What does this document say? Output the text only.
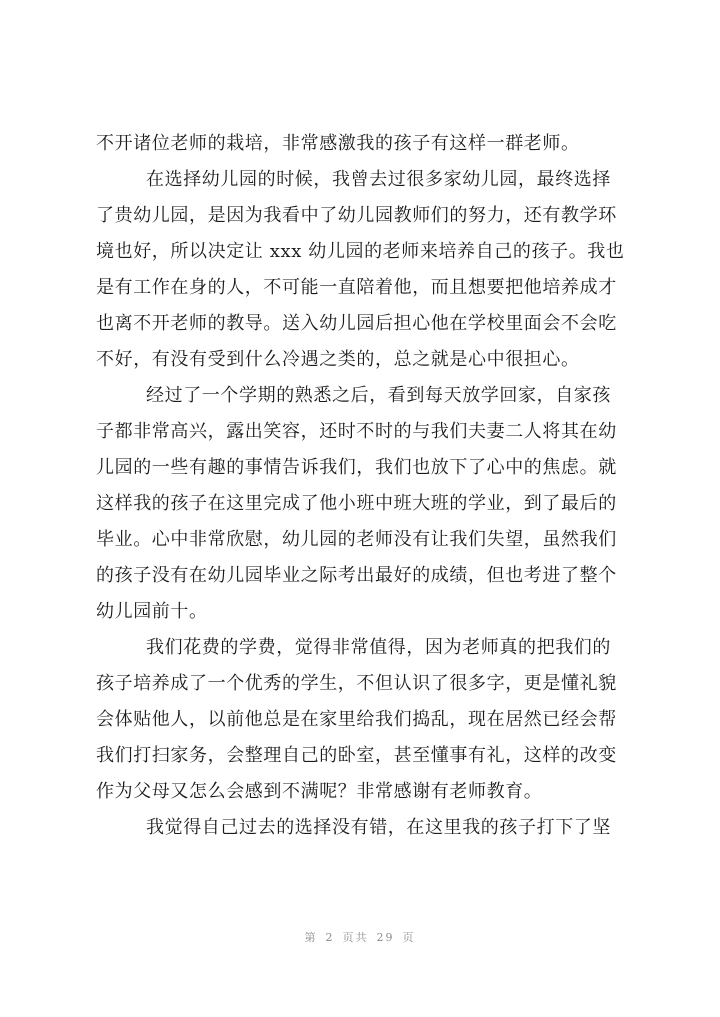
不开诸位老师的栽培，非常感激我的孩子有这样一群老师。
在选择幼儿园的时候，我曾去过很多家幼儿园，最终选择
了贵幼儿园，是因为我看中了幼儿园教师们的努力，还有教学环
境也好，所以决定让 xxx 幼儿园的老师来培养自己的孩子。我也
是有工作在身的人，不可能一直陪着他，而且想要把他培养成才
也离不开老师的教导。送入幼儿园后担心他在学校里面会不会吃
不好，有没有受到什么冷遇之类的，总之就是心中很担心。
经过了一个学期的熟悉之后，看到每天放学回家，自家孩
子都非常高兴，露出笑容，还时不时的与我们夫妻二人将其在幼
儿园的一些有趣的事情告诉我们，我们也放下了心中的焦虑。就
这样我的孩子在这里完成了他小班中班大班的学业，到了最后的
毕业。心中非常欣慰，幼儿园的老师没有让我们失望，虽然我们
的孩子没有在幼儿园毕业之际考出最好的成绩，但也考进了整个
幼儿园前十。
我们花费的学费，觉得非常值得，因为老师真的把我们的
孩子培养成了一个优秀的学生，不但认识了很多字，更是懂礼貌
会体贴他人，以前他总是在家里给我们捣乱，现在居然已经会帮
我们打扫家务，会整理自己的卧室，甚至懂事有礼，这样的改变
作为父母又怎么会感到不满呢？非常感谢有老师教育。
我觉得自己过去的选择没有错，在这里我的孩子打下了坚
第 2 页共 29 页
